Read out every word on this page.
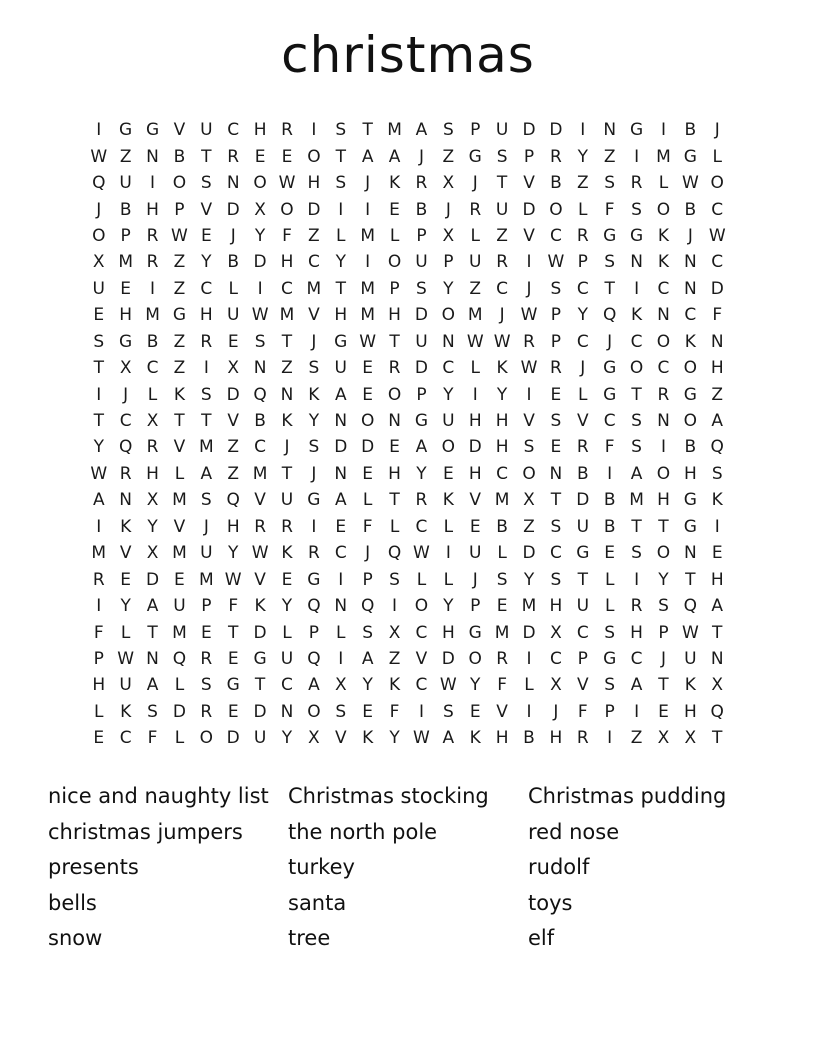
christmas
I	G G V U C H R	I	S T M A S P U D D	I	N G	I	B	J
W Z N B T R E E O T A A	J	Z G S P R Y Z	I	M G L
Q U	I	O S N O W H S	J	K R X	J	T V B Z S R L W O
J	B H P V D X O D	I	I	E B	J	R U D O L	F S O B C
O P R W E	J	Y F Z L M L	P X L Z V C R G G K	J W
X M R Z Y B D H C Y	I	O U P U R	I W P S N K N C
U E	I	Z C L	I	C M T M P S Y Z C	J	S C T	I	C N D
E H M G H U W M V H M H D O M	J W P Y Q K N C F
S G B Z R E S T	J	G W T U N W W R P C	J	C O K N
T X C Z	I	X N Z S U E R D C L K W R	J	G O C O H
I	J	L K S D Q N K A E O P Y	I	Y	I	E L G T R G Z
T C X T T V B K Y N O N G U H H V S V C S N O A
Y Q R V M Z C	J	S D D E A O D H S E R F S	I	B Q
W R H L A Z M T	J	N E H Y E H C O N B	I	A O H S
A N X M S Q V U G A L T R K V M X T D B M H G K
I	K Y V	J	H R R	I	E F	L C L E B Z S U B T T G	I
M V X M U Y W K R C	J	Q W I	U L D C G E S O N E
R E D E M W V E G	I	P S L	L	J	S Y S T L	I	Y T H
I	Y A U P F K Y Q N Q	I	O Y P E M H U L R S Q A
F	L T M E T D L	P	L S X C H G M D X C S H P W T
P W N Q R E G U Q	I	A Z V D O R	I	C P G C	J	U N
H U A L S G T C A X Y K C W Y F	L X V S A T K X
L K S D R E D N O S E F	I	S E V	I	J	F P	I	E H Q
E C F	L O D U Y X V K Y W A K H B H R	I	Z X X T
nice and naughty list
christmas jumpers
presents
bells
snow
Christmas stocking
the north pole
turkey
santa
tree
Christmas pudding
red nose
rudolf
toys
elf
